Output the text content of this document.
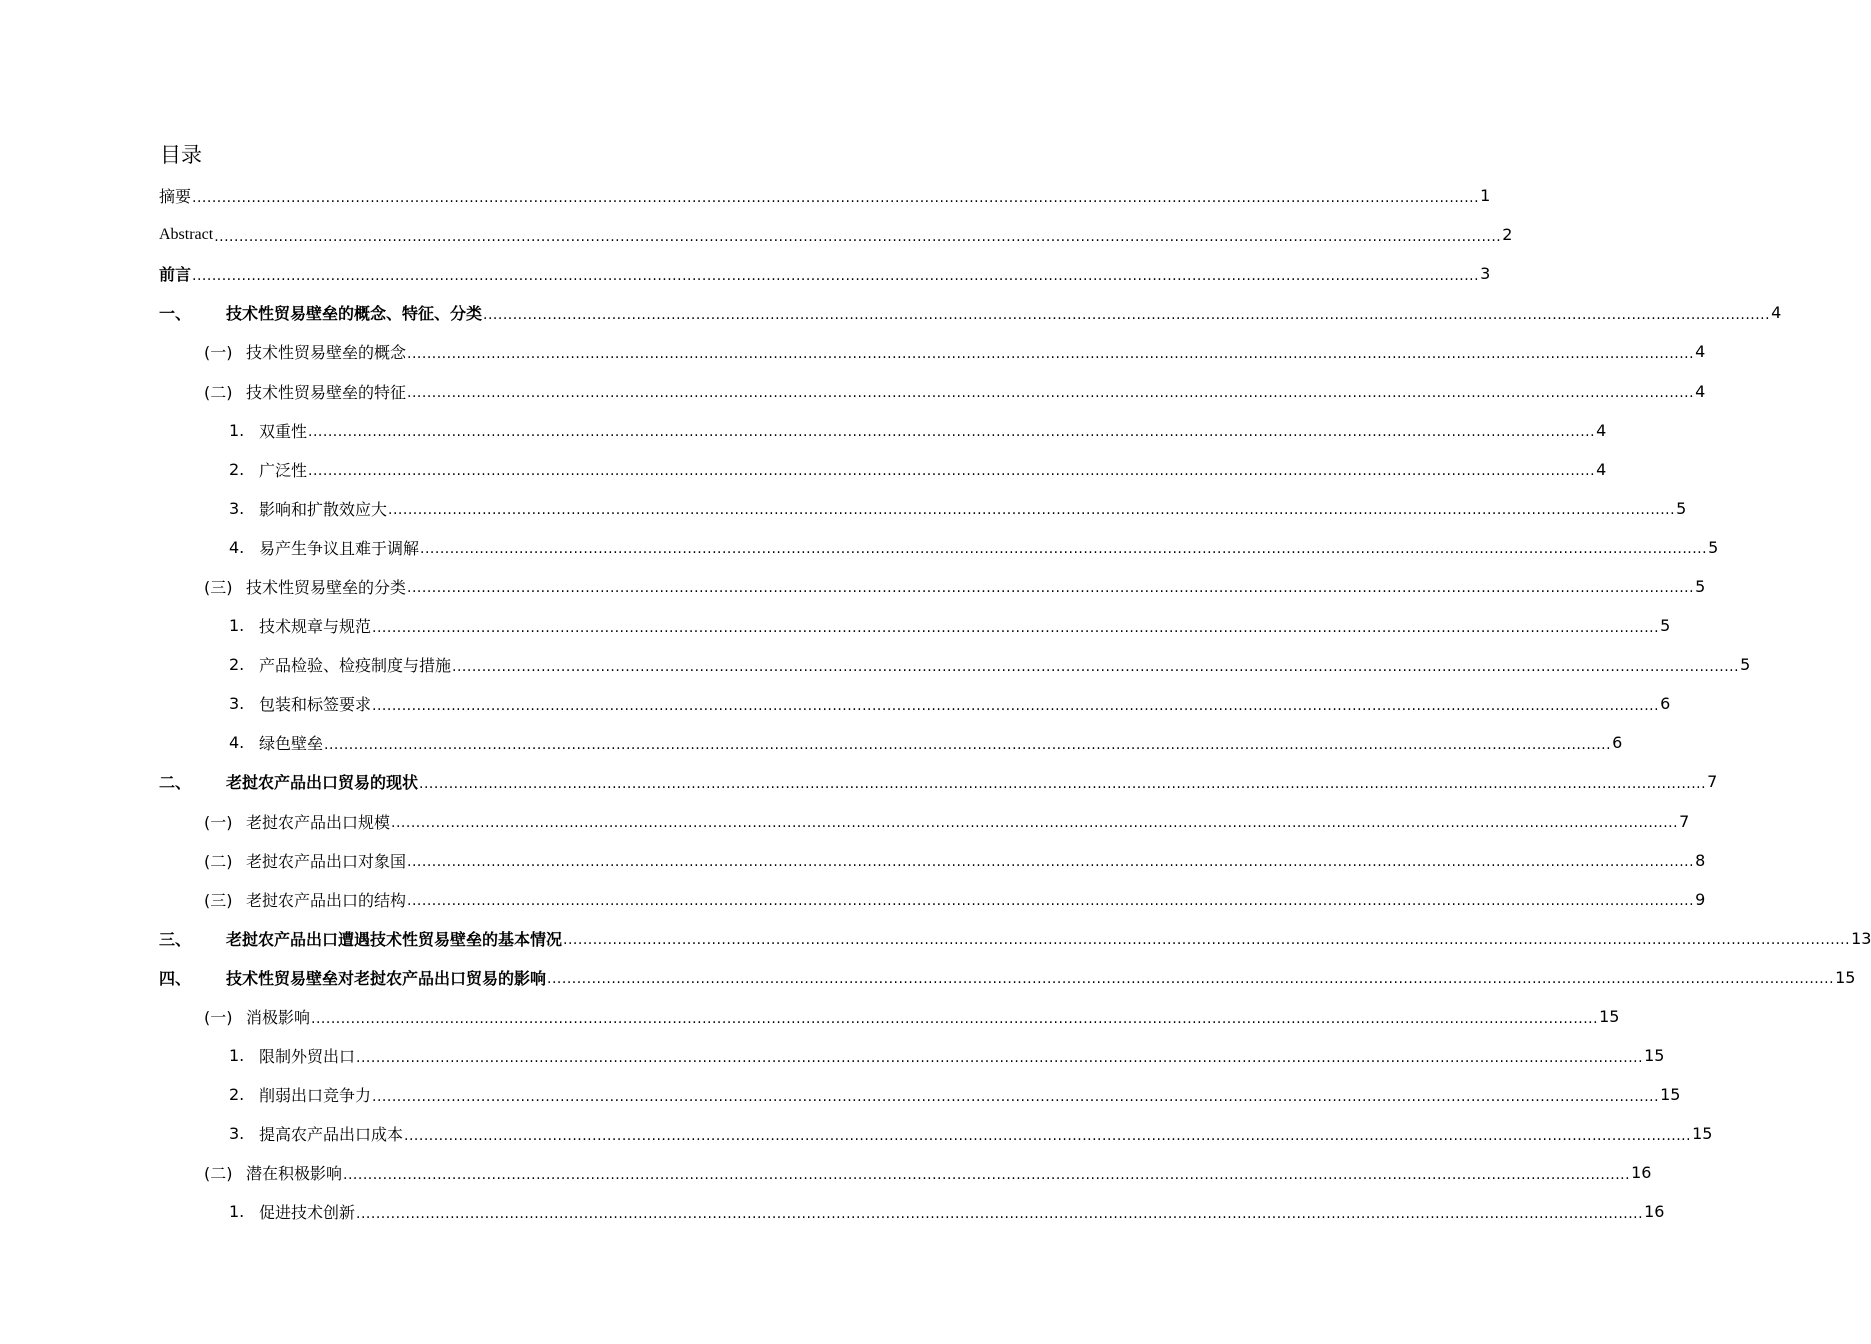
目录
摘要 .................................................................................................................................................................................................................................................................... 1
Abstract .................................................................................................................................................................................................................................................................... 2
前言 .................................................................................................................................................................................................................................................................... 3
一、	技术性贸易壁垒的概念、特征、分类 .................................................................................................................................................................................................................................................................... 4
(一) 技术性贸易壁垒的概念 .................................................................................................................................................................................................................................................................... 4
(二) 技术性贸易壁垒的特征 .................................................................................................................................................................................................................................................................... 4
1. 双重性 .................................................................................................................................................................................................................................................................... 4
2. 广泛性 .................................................................................................................................................................................................................................................................... 4
3. 影响和扩散效应大 .................................................................................................................................................................................................................................................................... 5
4. 易产生争议且难于调解 .................................................................................................................................................................................................................................................................... 5
(三) 技术性贸易壁垒的分类 .................................................................................................................................................................................................................................................................... 5
1. 技术规章与规范 .................................................................................................................................................................................................................................................................... 5
2. 产品检验、检疫制度与措施 .................................................................................................................................................................................................................................................................... 5
3. 包装和标签要求 .................................................................................................................................................................................................................................................................... 6
4. 绿色壁垒 .................................................................................................................................................................................................................................................................... 6
二、	老挝农产品出口贸易的现状 .................................................................................................................................................................................................................................................................... 7
(一) 老挝农产品出口规模 .................................................................................................................................................................................................................................................................... 7
(二) 老挝农产品出口对象国 .................................................................................................................................................................................................................................................................... 8
(三) 老挝农产品出口的结构 .................................................................................................................................................................................................................................................................... 9
三、	老挝农产品出口遭遇技术性贸易壁垒的基本情况 .................................................................................................................................................................................................................................................................... 13
四、	技术性贸易壁垒对老挝农产品出口贸易的影响 .................................................................................................................................................................................................................................................................... 15
(一) 消极影响 .................................................................................................................................................................................................................................................................... 15
1. 限制外贸出口 .................................................................................................................................................................................................................................................................... 15
2. 削弱出口竞争力 .................................................................................................................................................................................................................................................................... 15
3. 提高农产品出口成本 .................................................................................................................................................................................................................................................................... 15
(二) 潜在积极影响 .................................................................................................................................................................................................................................................................... 16
1. 促进技术创新 .................................................................................................................................................................................................................................................................... 16
